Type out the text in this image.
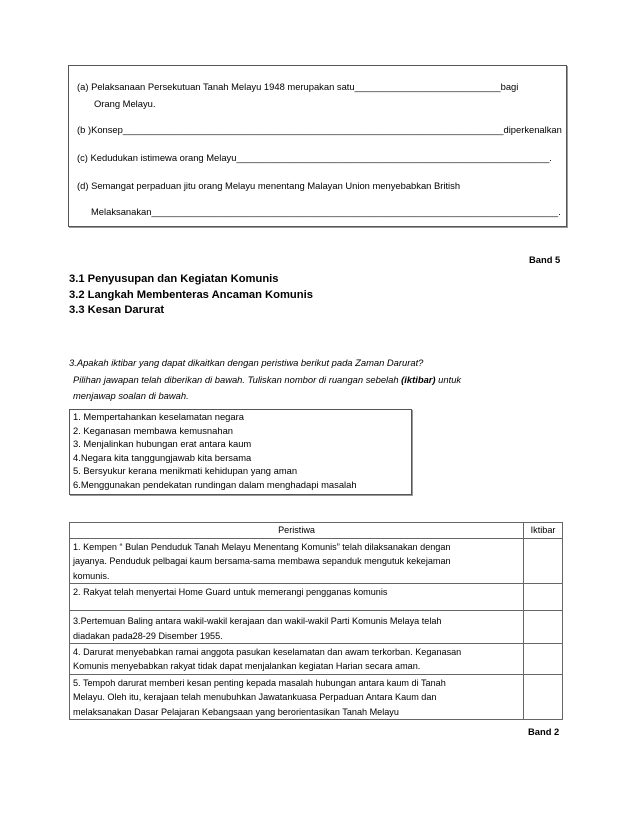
(a) Pelaksanaan Persekutuan Tanah Melayu 1948 merupakan satu____________________________bagi
Orang Melayu.
(b )Konsep_________________________________________________________________________diperkenalkan
(c) Kedudukan istimewa orang Melayu____________________________________________________________.
(d) Semangat perpaduan jitu orang Melayu menentang Malayan Union menyebabkan British
Melaksanakan______________________________________________________________________________.
Band 5
3.1 Penyusupan dan Kegiatan Komunis
3.2 Langkah Membenteras Ancaman Komunis
3.3 Kesan Darurat
3.Apakah iktibar yang dapat dikaitkan dengan peristiwa berikut pada Zaman Darurat?
Pilihan jawapan telah diberikan di bawah. Tuliskan nombor di ruangan sebelah (iktibar) untuk
menjawap soalan di bawah.
1. Mempertahankan keselamatan negara
2. Keganasan membawa kemusnahan
3. Menjalinkan hubungan erat antara kaum
4.Negara kita tanggungjawab kita bersama
5. Bersyukur kerana menikmati kehidupan yang aman
6.Menggunakan pendekatan rundingan dalam menghadapi masalah
Peristiwa	Iktibar

1. Kempen “ Bulan Penduduk Tanah Melayu Menentang Komunis” telah dilaksanakan dengan
jayanya. Penduduk pelbagai kaum bersama-sama membawa sepanduk mengutuk kekejaman
komunis.	

2. Rakyat telah menyertai Home Guard untuk memerangi pengganas komunis	

3.Pertemuan Baling antara wakil-wakil kerajaan dan wakil-wakil Parti Komunis Melaya telah
diadakan pada28-29 Disember 1955.	

4. Darurat menyebabkan ramai anggota pasukan keselamatan dan awam terkorban. Keganasan
Komunis menyebabkan rakyat tidak dapat menjalankan kegiatan Harian secara aman.	

5. Tempoh darurat memberi kesan penting kepada masalah hubungan antara kaum di Tanah
Melayu. Oleh itu, kerajaan telah menubuhkan Jawatankuasa Perpaduan Antara Kaum dan
melaksanakan Dasar Pelajaran Kebangsaan yang berorientasikan Tanah Melayu	

Band 2
